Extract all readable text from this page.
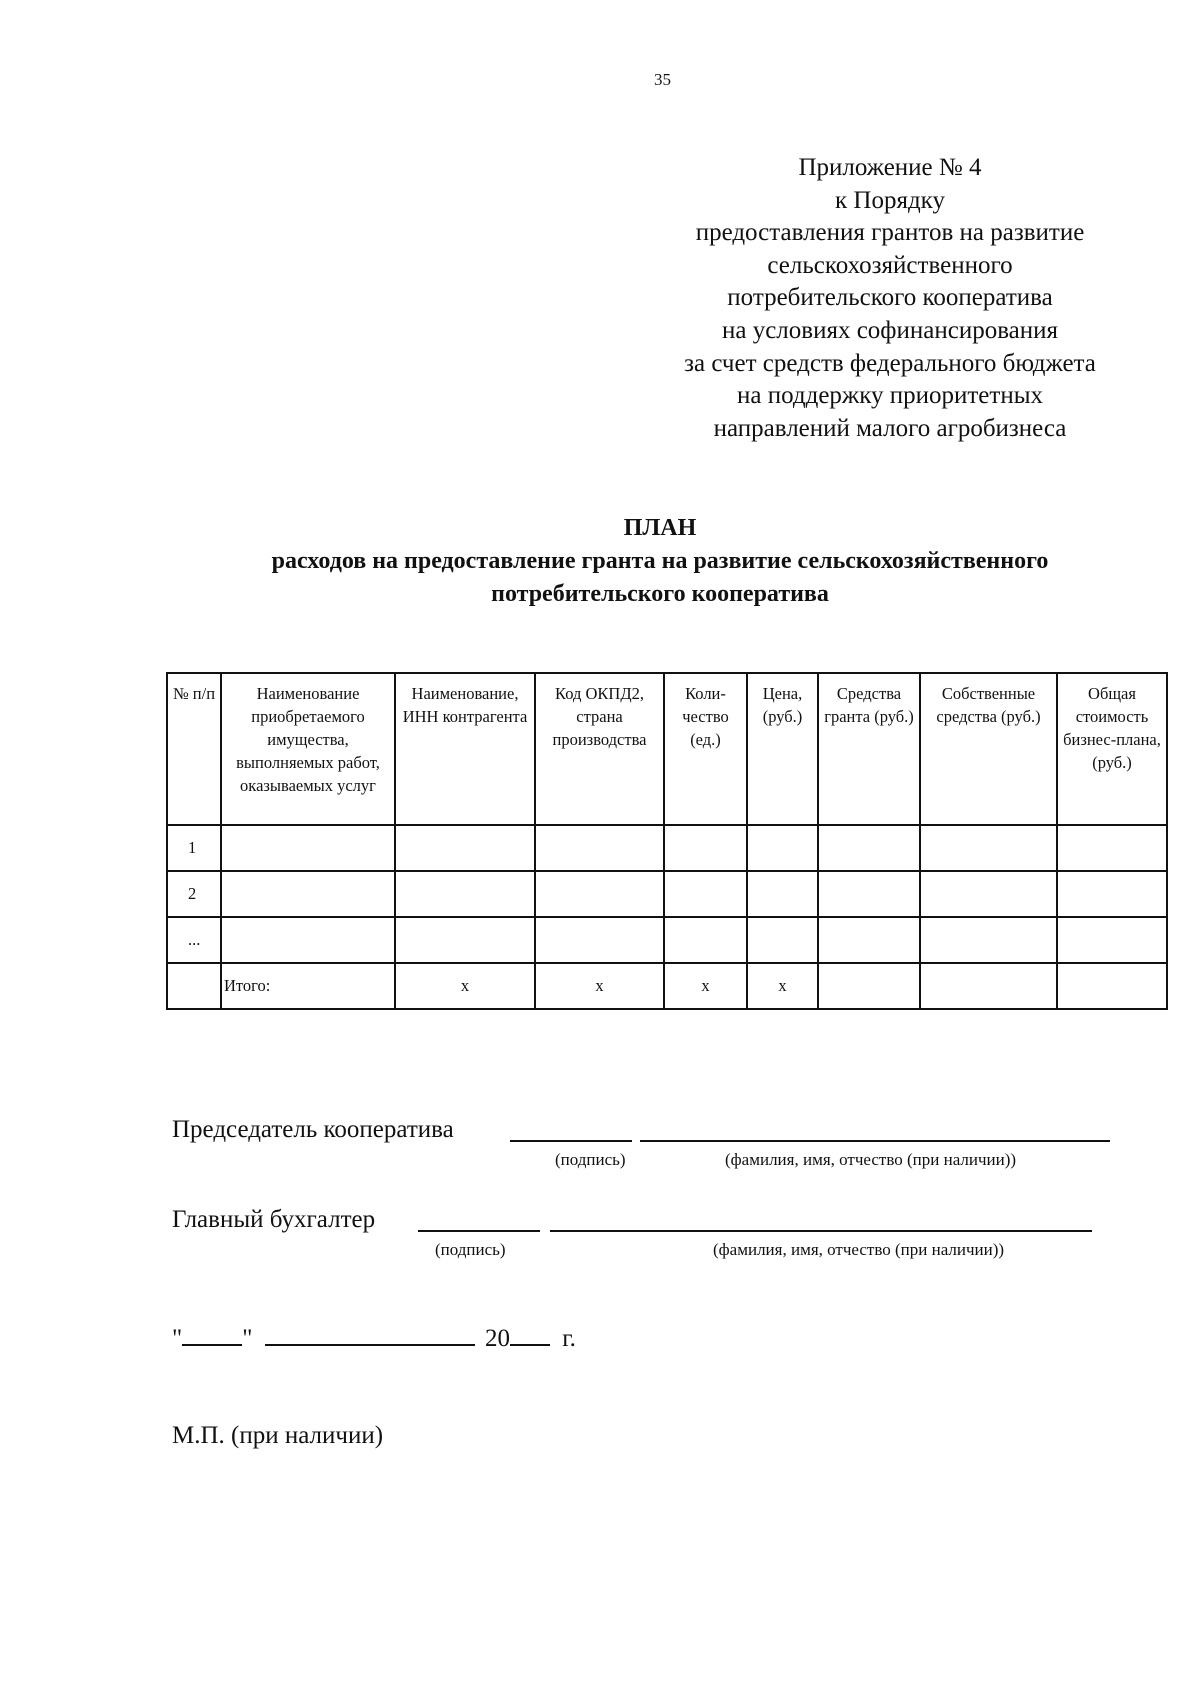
35
Приложение № 4
к Порядку
предоставления грантов на развитие
сельскохозяйственного
потребительского кооператива
на условиях софинансирования
за счет средств федерального бюджета
на поддержку приоритетных
направлений малого агробизнеса
ПЛАН
расходов на предоставление гранта на развитие сельскохозяйственного
потребительского кооператива
№ п/п	Наименование приобретаемого имущества, выполняемых работ, оказываемых услуг	Наименование, ИНН контрагента	Код ОКПД2, страна производства	Коли-чество (ед.)	Цена, (руб.)	Средства гранта (руб.)	Собственные средства (руб.)	Общая стоимость бизнес-плана, (руб.)
1								
2								
...								
	Итого:	х	х	х	х			
Председатель кооператива
(подпись)	(фамилия, имя, отчество (при наличии))
Главный бухгалтер
(подпись)	(фамилия, имя, отчество (при наличии))
" "	20 г.
М.П. (при наличии)
